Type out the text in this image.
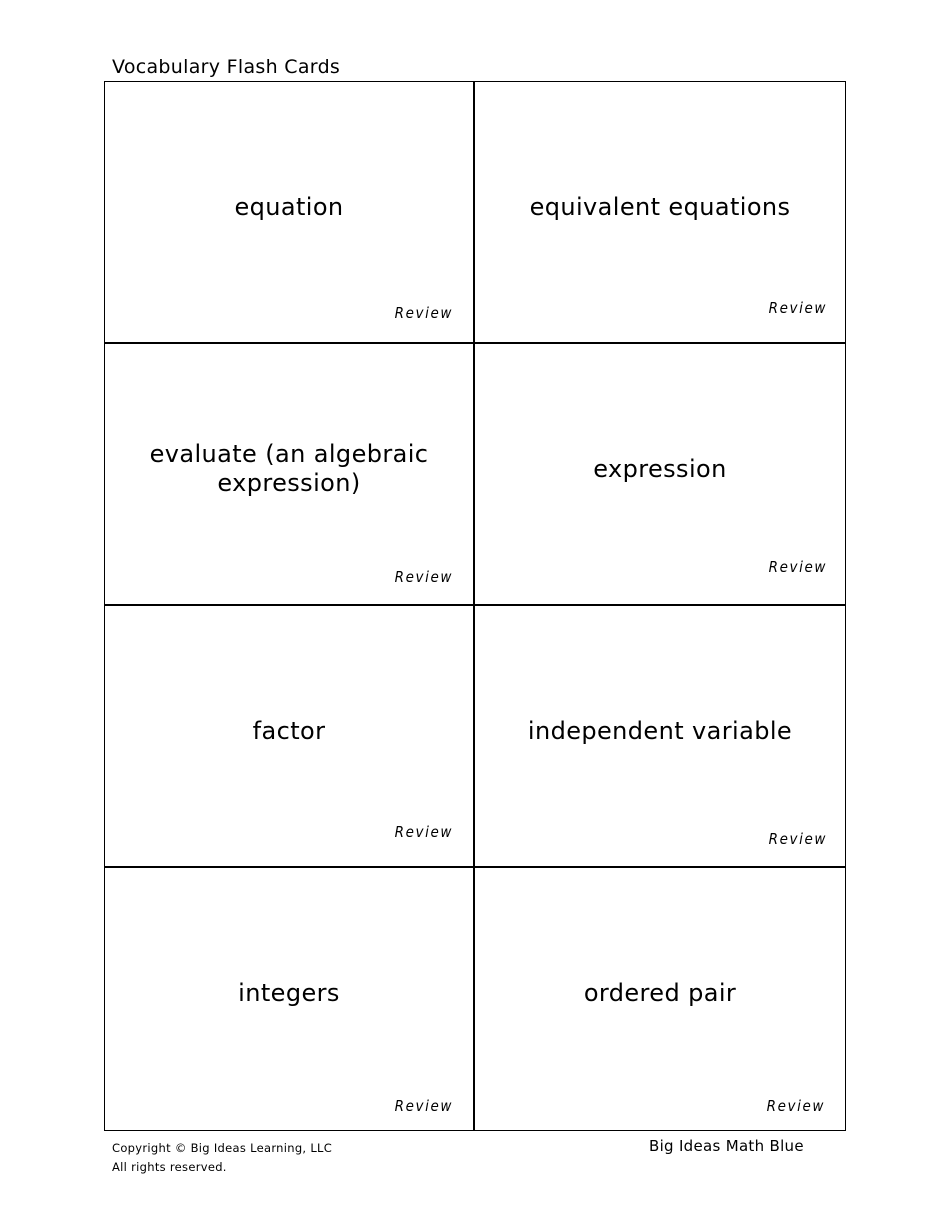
Vocabulary Flash Cards
equation
Review
equivalent equations
Review
evaluate (an algebraic expression)
Review
expression
Review
factor
Review
independent variable
Review
integers
Review
ordered pair
Review
Copyright © Big Ideas Learning, LLC
All rights reserved.
Big Ideas Math Blue
